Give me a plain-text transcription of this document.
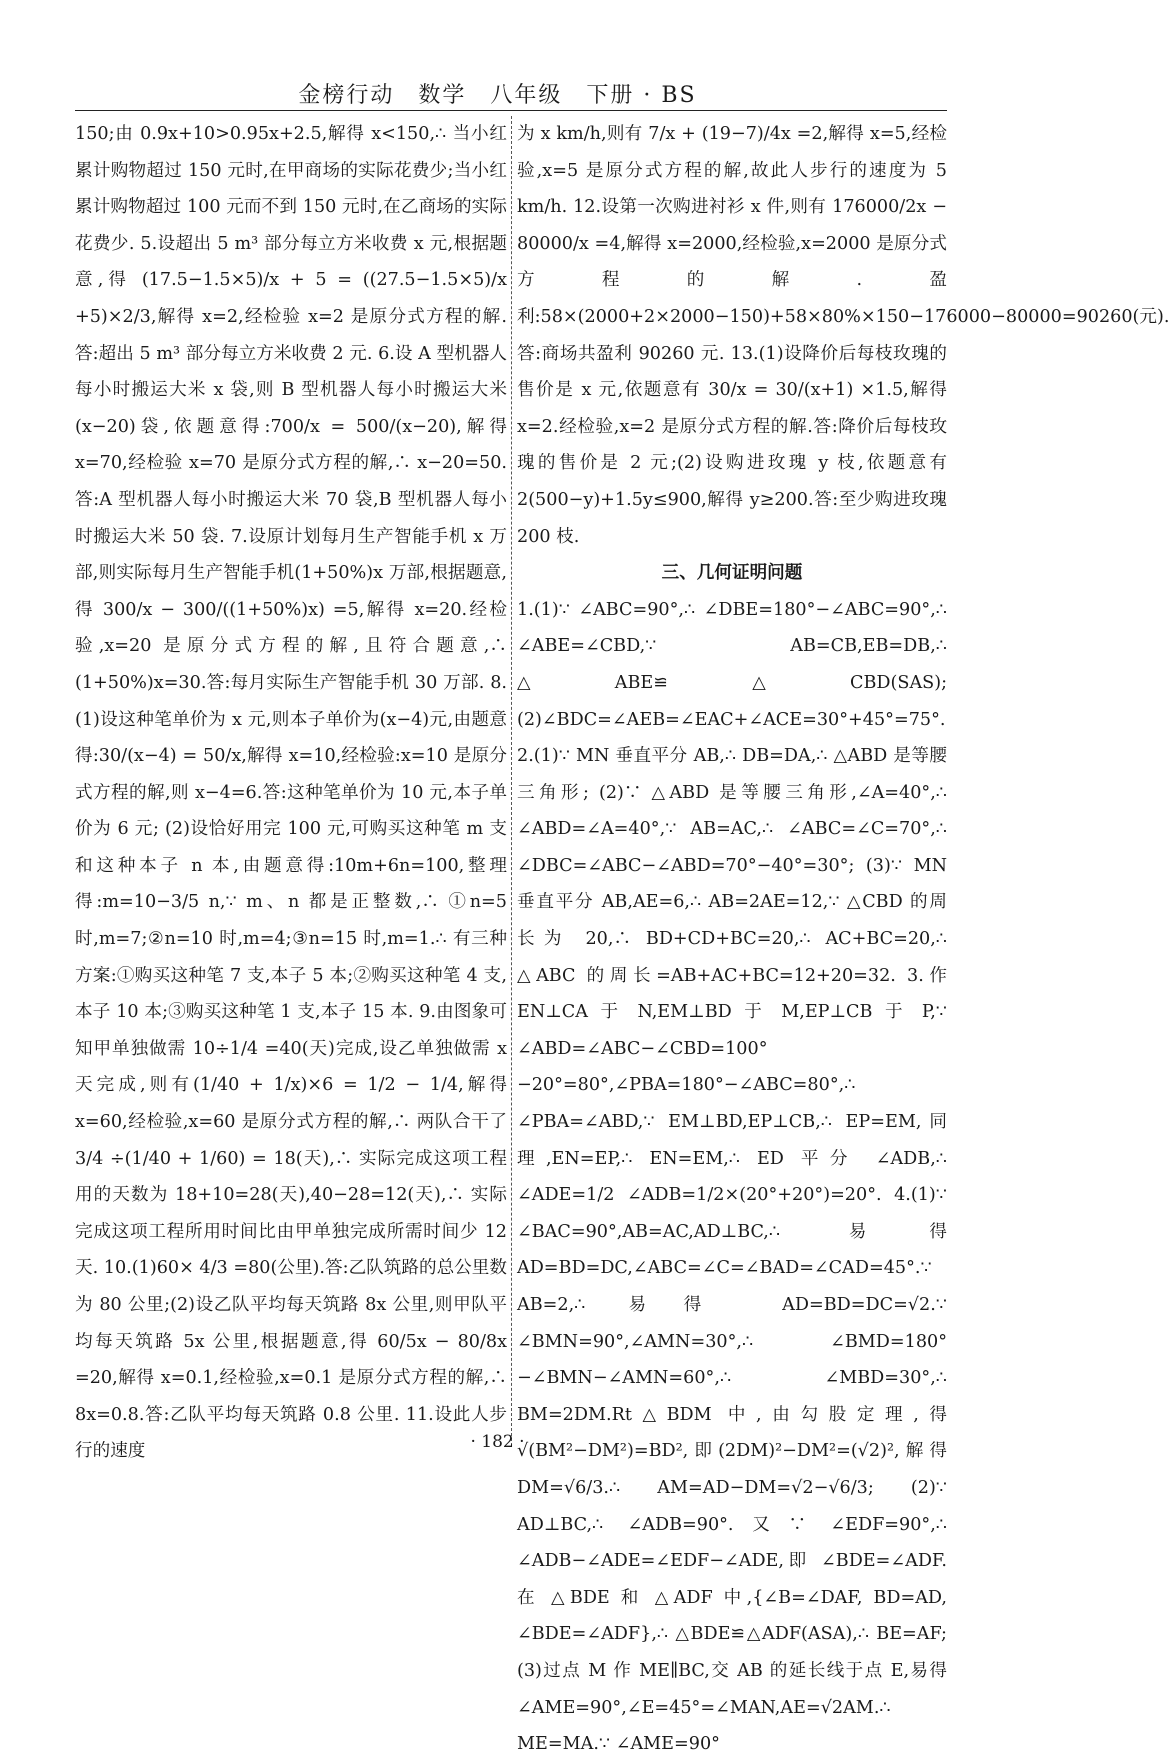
金榜行动　数学　八年级　下册 · BS

150;由 0.9x+10>0.95x+2.5,解得 x<150,∴ 当小红累计购物超过 150 元时,在甲商场的实际花费少;当小红累计购物超过 100 元而不到 150 元时,在乙商场的实际花费少. 5.设超出 5 m³ 部分每立方米收费 x 元,根据题意,得 (17.5−1.5×5)/x + 5 = ((27.5−1.5×5)/x +5)×2/3,解得 x=2,经检验 x=2 是原分式方程的解.答:超出 5 m³ 部分每立方米收费 2 元. 6.设 A 型机器人每小时搬运大米 x 袋,则 B 型机器人每小时搬运大米(x−20)袋,依题意得:700/x = 500/(x−20),解得 x=70,经检验 x=70 是原分式方程的解,∴ x−20=50.答:A 型机器人每小时搬运大米 70 袋,B 型机器人每小时搬运大米 50 袋. 7.设原计划每月生产智能手机 x 万部,则实际每月生产智能手机(1+50%)x 万部,根据题意,得 300/x − 300/((1+50%)x) =5,解得 x=20.经检验,x=20 是原分式方程的解,且符合题意,∴ (1+50%)x=30.答:每月实际生产智能手机 30 万部. 8.(1)设这种笔单价为 x 元,则本子单价为(x−4)元,由题意得:30/(x−4) = 50/x,解得 x=10,经检验:x=10 是原分式方程的解,则 x−4=6.答:这种笔单价为 10 元,本子单价为 6 元; (2)设恰好用完 100 元,可购买这种笔 m 支和这种本子 n 本,由题意得:10m+6n=100,整理得:m=10−3/5 n,∵ m、n 都是正整数,∴ ①n=5 时,m=7;②n=10 时,m=4;③n=15 时,m=1.∴ 有三种方案:①购买这种笔 7 支,本子 5 本;②购买这种笔 4 支,本子 10 本;③购买这种笔 1 支,本子 15 本. 9.由图象可知甲单独做需 10÷1/4 =40(天)完成,设乙单独做需 x 天完成,则有(1/40 + 1/x)×6 = 1/2 − 1/4,解得 x=60,经检验,x=60 是原分式方程的解,∴ 两队合干了 3/4 ÷(1/40 + 1/60) = 18(天),∴ 实际完成这项工程用的天数为 18+10=28(天),40−28=12(天),∴ 实际完成这项工程所用时间比由甲单独完成所需时间少 12 天. 10.(1)60× 4/3 =80(公里).答:乙队筑路的总公里数为 80 公里;(2)设乙队平均每天筑路 8x 公里,则甲队平均每天筑路 5x 公里,根据题意,得 60/5x − 80/8x =20,解得 x=0.1,经检验,x=0.1 是原分式方程的解,∴ 8x=0.8.答:乙队平均每天筑路 0.8 公里. 11.设此人步行的速度

为 x km/h,则有 7/x + (19−7)/4x =2,解得 x=5,经检验,x=5 是原分式方程的解,故此人步行的速度为 5 km/h. 12.设第一次购进衬衫 x 件,则有 176000/2x − 80000/x =4,解得 x=2000,经检验,x=2000 是原分式方程的解.盈利:58×(2000+2×2000−150)+58×80%×150−176000−80000=90260(元).答:商场共盈利 90260 元. 13.(1)设降价后每枝玫瑰的售价是 x 元,依题意有 30/x = 30/(x+1) ×1.5,解得 x=2.经检验,x=2 是原分式方程的解.答:降价后每枝玫瑰的售价是 2 元;(2)设购进玫瑰 y 枝,依题意有 2(500−y)+1.5y≤900,解得 y≥200.答:至少购进玫瑰 200 枝.

三、几何证明问题

1.(1)∵ ∠ABC=90°,∴ ∠DBE=180°−∠ABC=90°,∴ ∠ABE=∠CBD,∵ AB=CB,EB=DB,∴ △ABE≌△CBD(SAS); (2)∠BDC=∠AEB=∠EAC+∠ACE=30°+45°=75°. 2.(1)∵ MN 垂直平分 AB,∴ DB=DA,∴ △ABD 是等腰三角形; (2)∵ △ABD 是等腰三角形,∠A=40°,∴ ∠ABD=∠A=40°,∵ AB=AC,∴ ∠ABC=∠C=70°,∴ ∠DBC=∠ABC−∠ABD=70°−40°=30°; (3)∵ MN 垂直平分 AB,AE=6,∴ AB=2AE=12,∵ △CBD 的周长为 20,∴ BD+CD+BC=20,∴ AC+BC=20,∴ △ABC 的周长=AB+AC+BC=12+20=32. 3.作 EN⊥CA 于 N,EM⊥BD 于 M,EP⊥CB 于 P,∵ ∠ABD=∠ABC−∠CBD=100°−20°=80°,∠PBA=180°−∠ABC=80°,∴ ∠PBA=∠ABD,∵ EM⊥BD,EP⊥CB,∴ EP=EM,同理,EN=EP,∴ EN=EM,∴ ED 平分 ∠ADB,∴ ∠ADE=1/2 ∠ADB=1/2×(20°+20°)=20°. 4.(1)∵ ∠BAC=90°,AB=AC,AD⊥BC,∴ 易得 AD=BD=DC,∠ABC=∠C=∠BAD=∠CAD=45°.∵ AB=2,∴ 易得 AD=BD=DC=√2.∵ ∠BMN=90°,∠AMN=30°,∴ ∠BMD=180°−∠BMN−∠AMN=60°,∴ ∠MBD=30°,∴ BM=2DM.Rt△BDM 中,由勾股定理,得 √(BM²−DM²)=BD²,即(2DM)²−DM²=(√2)²,解得 DM=√6/3.∴ AM=AD−DM=√2−√6/3; (2)∵ AD⊥BC,∴ ∠ADB=90°.又∵ ∠EDF=90°,∴ ∠ADB−∠ADE=∠EDF−∠ADE,即 ∠BDE=∠ADF.在 △BDE 和 △ADF 中,{∠B=∠DAF, BD=AD, ∠BDE=∠ADF},∴ △BDE≌△ADF(ASA),∴ BE=AF; (3)过点 M 作 ME∥BC,交 AB 的延长线于点 E,易得 ∠AME=90°,∠E=45°=∠MAN,AE=√2AM.∴ ME=MA.∵ ∠AME=90°

· 182 ·
